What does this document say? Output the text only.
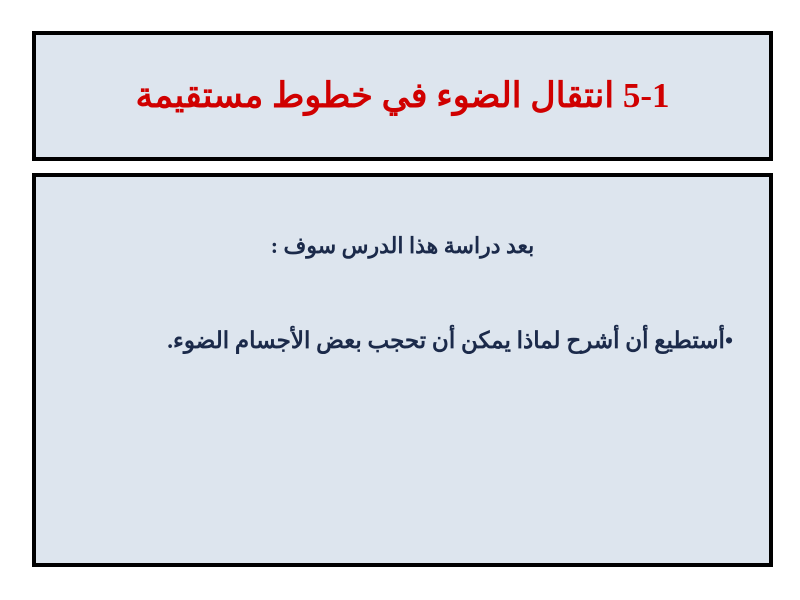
5-1 انتقال الضوء في خطوط مستقيمة

بعد دراسة هذا الدرس سوف :

•أستطيع أن أشرح لماذا يمكن أن تحجب بعض الأجسام الضوء.
